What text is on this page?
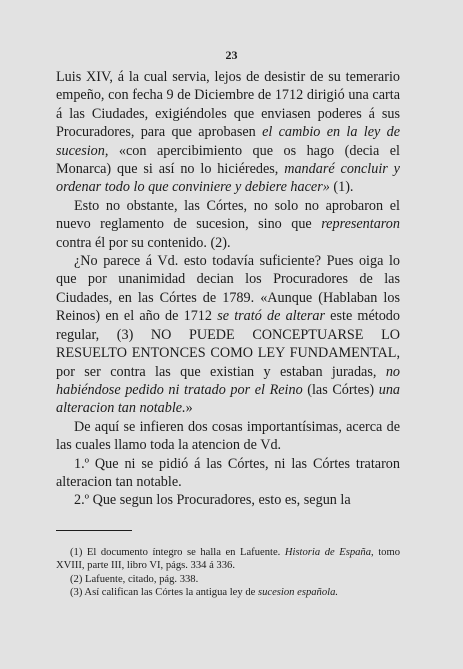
23

Luis XIV, á la cual servia, lejos de desistir de su temerario empeño, con fecha 9 de Diciembre de 1712 dirigió una carta á las Ciudades, exigiéndoles que enviasen poderes á sus Procuradores, para que aprobasen el cambio en la ley de sucesion, «con apercibimiento que os hago (decia el Monarca) que si así no lo hiciéredes, mandaré concluir y ordenar todo lo que conviniere y debiere hacer» (1).

Esto no obstante, las Córtes, no solo no aprobaron el nuevo reglamento de sucesion, sino que representaron contra él por su contenido. (2).

¿No parece á Vd. esto todavía suficiente? Pues oiga lo que por unanimidad decian los Procuradores de las Ciudades, en las Córtes de 1789. «Aunque (Hablaban los Reinos) en el año de 1712 se trató de alterar este método regular, (3) NO PUEDE CONCEPTUARSE LO RESUELTO ENTONCES COMO LEY FUNDAMENTAL, por ser contra las que existian y estaban juradas, no habiéndose pedido ni tratado por el Reino (las Córtes) una alteracion tan notable.»

De aquí se infieren dos cosas importantísimas, acerca de las cuales llamo toda la atencion de Vd.

1.º Que ni se pidió á las Córtes, ni las Córtes trataron alteracion tan notable.

2.º Que segun los Procuradores, esto es, segun la

(1) El documento íntegro se halla en Lafuente. Historia de España, tomo XVIII, parte III, libro VI, págs. 334 á 336.

(2) Lafuente, citado, pág. 338.

(3) Así califican las Córtes la antigua ley de sucesion española.
